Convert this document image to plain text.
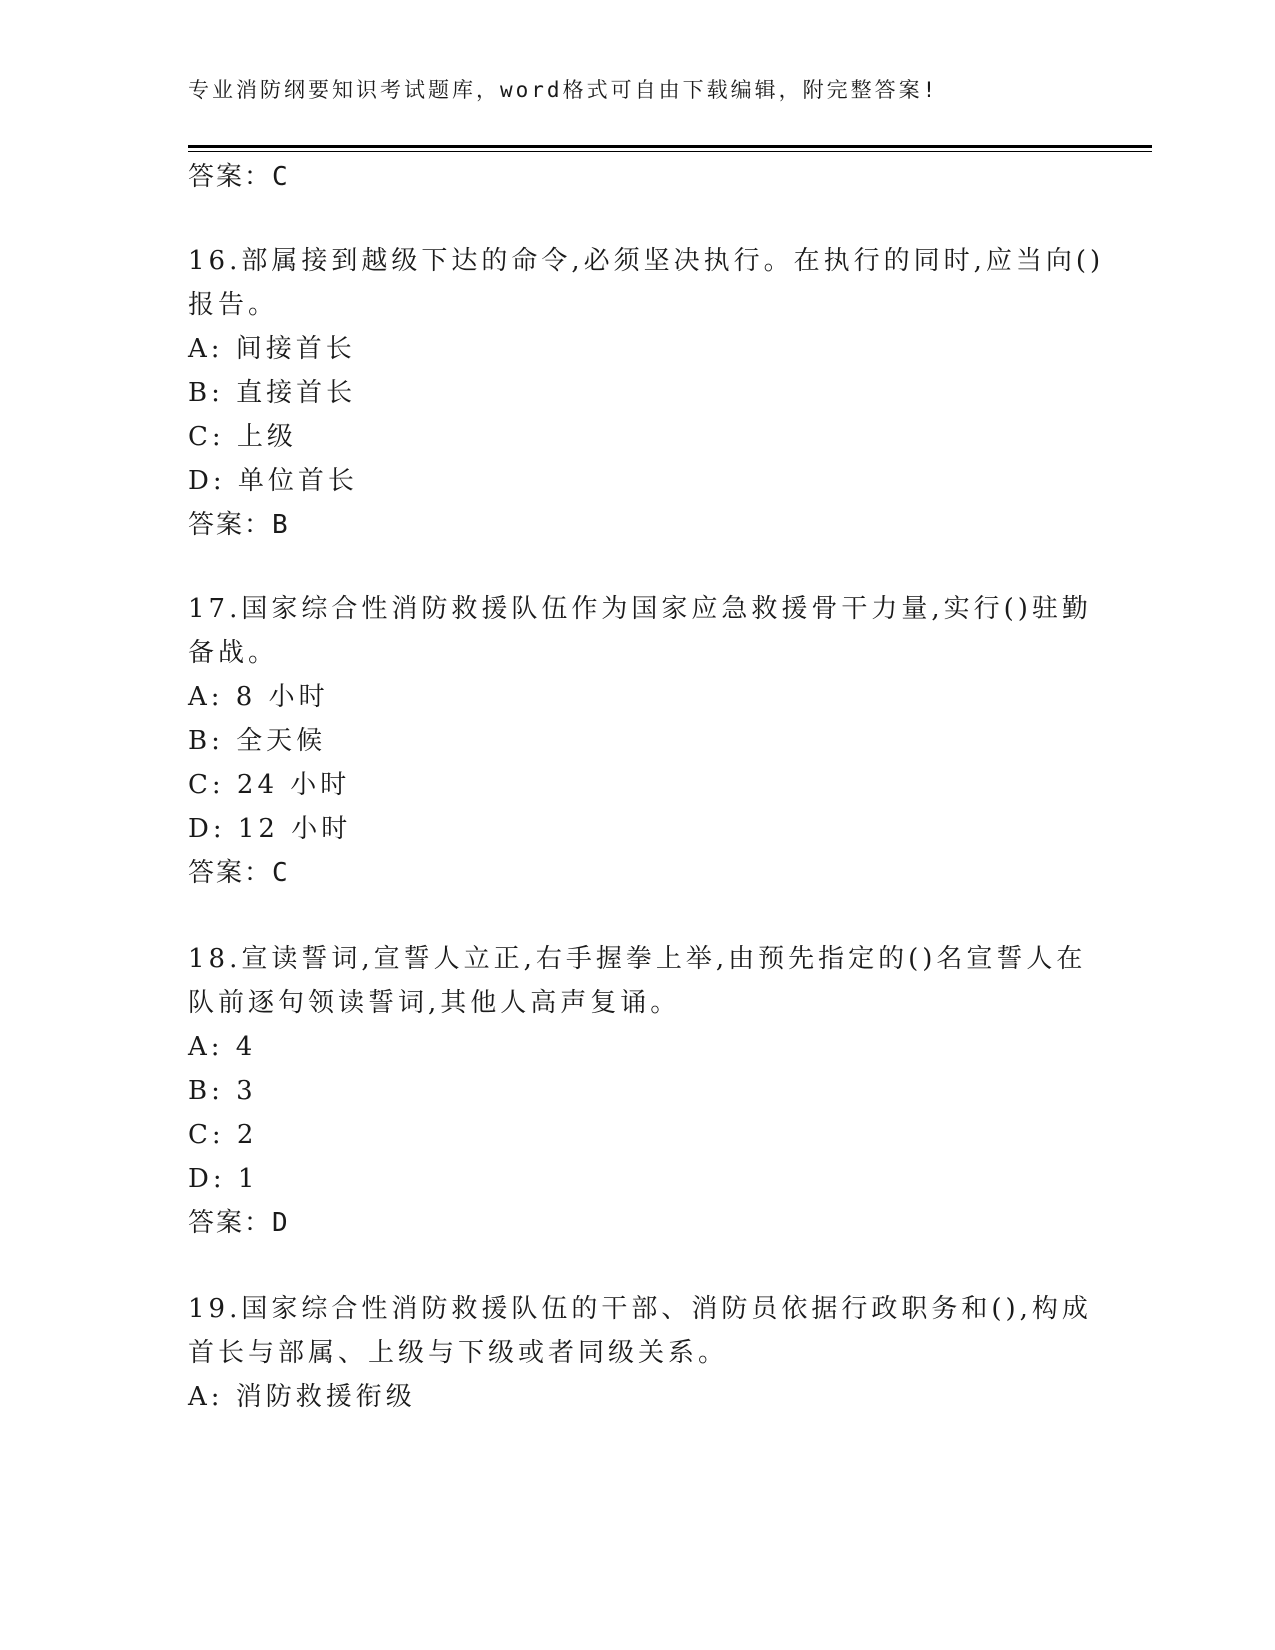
专业消防纲要知识考试题库，word格式可自由下载编辑，附完整答案!
答案：C
16.部属接到越级下达的命令,必须坚决执行。在执行的同时,应当向()
报告。
A: 间接首长
B: 直接首长
C: 上级
D: 单位首长
答案：B
17.国家综合性消防救援队伍作为国家应急救援骨干力量,实行()驻勤
备战。
A: 8 小时
B: 全天候
C: 24 小时
D: 12 小时
答案：C
18.宣读誓词,宣誓人立正,右手握拳上举,由预先指定的()名宣誓人在
队前逐句领读誓词,其他人高声复诵。
A: 4
B: 3
C: 2
D: 1
答案：D
19.国家综合性消防救援队伍的干部、消防员依据行政职务和(),构成
首长与部属、上级与下级或者同级关系。
A: 消防救援衔级
